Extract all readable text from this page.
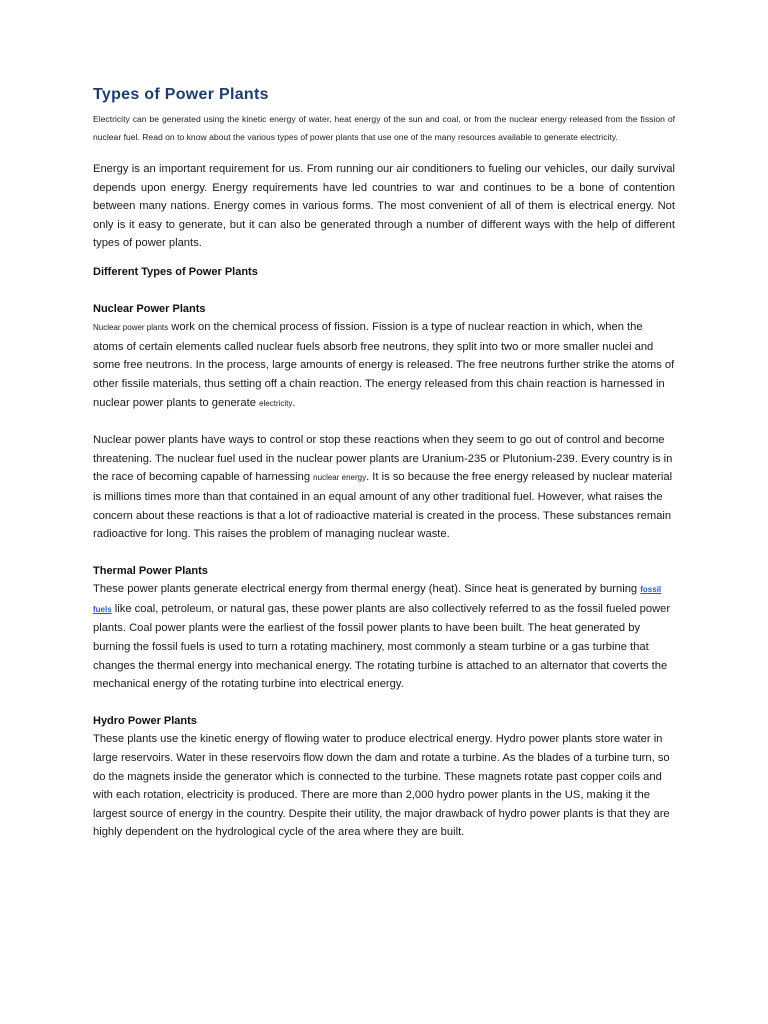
Types of Power Plants

Electricity can be generated using the kinetic energy of water, heat energy of the sun and coal, or from the nuclear energy released from the fission of nuclear fuel. Read on to know about the various types of power plants that use one of the many resources available to generate electricity.

Energy is an important requirement for us. From running our air conditioners to fueling our vehicles, our daily survival depends upon energy. Energy requirements have led countries to war and continues to be a bone of contention between many nations. Energy comes in various forms. The most convenient of all of them is electrical energy. Not only is it easy to generate, but it can also be generated through a number of different ways with the help of different types of power plants.

Different Types of Power Plants

Nuclear Power Plants

Nuclear power plants work on the chemical process of fission. Fission is a type of nuclear reaction in which, when the atoms of certain elements called nuclear fuels absorb free neutrons, they split into two or more smaller nuclei and some free neutrons. In the process, large amounts of energy is released. The free neutrons further strike the atoms of other fissile materials, thus setting off a chain reaction. The energy released from this chain reaction is harnessed in nuclear power plants to generate electricity.

Nuclear power plants have ways to control or stop these reactions when they seem to go out of control and become threatening. The nuclear fuel used in the nuclear power plants are Uranium-235 or Plutonium-239. Every country is in the race of becoming capable of harnessing nuclear energy. It is so because the free energy released by nuclear material is millions times more than that contained in an equal amount of any other traditional fuel. However, what raises the concern about these reactions is that a lot of radioactive material is created in the process. These substances remain radioactive for long. This raises the problem of managing nuclear waste.

Thermal Power Plants

These power plants generate electrical energy from thermal energy (heat). Since heat is generated by burning fossil fuels like coal, petroleum, or natural gas, these power plants are also collectively referred to as the fossil fueled power plants. Coal power plants were the earliest of the fossil power plants to have been built. The heat generated by burning the fossil fuels is used to turn a rotating machinery, most commonly a steam turbine or a gas turbine that changes the thermal energy into mechanical energy. The rotating turbine is attached to an alternator that coverts the mechanical energy of the rotating turbine into electrical energy.

Hydro Power Plants

These plants use the kinetic energy of flowing water to produce electrical energy. Hydro power plants store water in large reservoirs. Water in these reservoirs flow down the dam and rotate a turbine. As the blades of a turbine turn, so do the magnets inside the generator which is connected to the turbine. These magnets rotate past copper coils and with each rotation, electricity is produced. There are more than 2,000 hydro power plants in the US, making it the largest source of energy in the country. Despite their utility, the major drawback of hydro power plants is that they are highly dependent on the hydrological cycle of the area where they are built.
